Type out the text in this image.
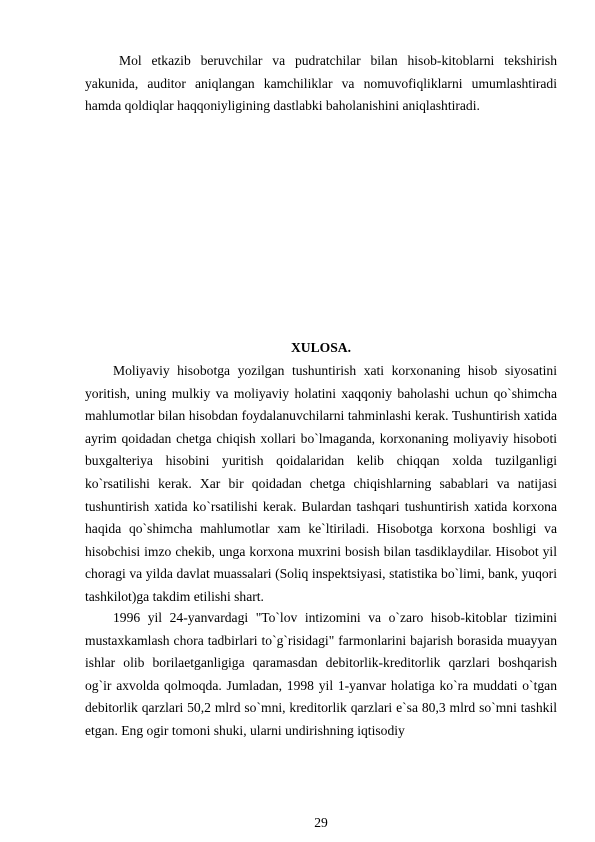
Mol etkazib beruvchilar va pudratchilar bilan hisob-kitoblarni tekshirish yakunida, auditor aniqlangan kamchiliklar va nomuvofiqliklarni umumlashtiradi hamda qoldiqlar haqqoniyligining dastlabki baholanishini aniqlashtiradi.

XULOSA.

Moliyaviy hisobotga yozilgan tushuntirish xati korxonaning hisob siyosatini yoritish, uning mulkiy va moliyaviy holatini xaqqoniy baholashi uchun qo`shimcha mahlumotlar bilan hisobdan foydalanuvchilarni tahminlashi kerak. Tushuntirish xatida ayrim qoidadan chetga chiqish xollari bo`lmaganda, korxonaning moliyaviy hisoboti buxgalteriya hisobini yuritish qoidalaridan kelib chiqqan xolda tuzilganligi ko`rsatilishi kerak. Xar bir qoidadan chetga chiqishlarning sabablari va natijasi tushuntirish xatida ko`rsatilishi kerak. Bulardan tashqari tushuntirish xatida korxona haqida qo`shimcha mahlumotlar xam ke`ltiriladi. Hisobotga korxona boshligi va hisobchisi imzo chekib, unga korxona muxrini bosish bilan tasdiklaydilar. Hisobot yil choragi va yilda davlat muassalari (Soliq inspektsiyasi, statistika bo`limi, bank, yuqori tashkilot)ga takdim etilishi shart.

1996 yil 24-yanvardagi "To`lov intizomini va o`zaro hisob-kitoblar tizimini mustaxkamlash chora tadbirlari to`g`risidagi" farmonlarini bajarish borasida muayyan ishlar olib borilaetganligiga qaramasdan debitorlik-kreditorlik qarzlari boshqarish og`ir axvolda qolmoqda. Jumladan, 1998 yil 1-yanvar holatiga ko`ra muddati o`tgan debitorlik qarzlari 50,2 mlrd so`mni, kreditorlik qarzlari e`sa 80,3 mlrd so`mni tashkil etgan. Eng ogir tomoni shuki, ularni undirishning iqtisodiy

29
